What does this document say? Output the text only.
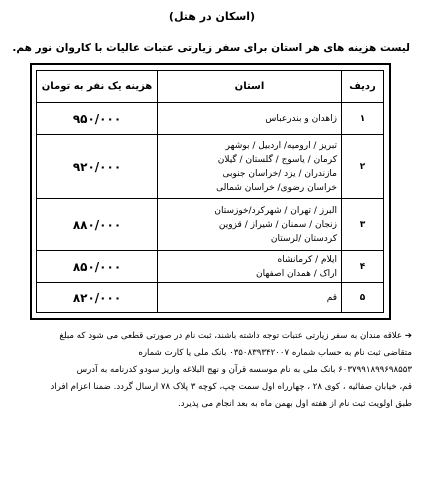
(اسکان در هتل)
لیست هزینه های هر استان برای سفر زیارتی عتبات عالیات با کاروان نور هم.
ردیف	استان	هزینه یک نفر به تومان
۱	زاهدان و بندرعباس	۹۵۰/۰۰۰
۲	تبریز / ارومیه/ اردبیل / بوشهر
کرمان / یاسوج / گلستان / گیلان
مازندران / یزد /خراسان جنوبی
خراسان رضوی/ خراسان شمالی	۹۲۰/۰۰۰
۳	البرز / تهران / شهرکرد/خوزستان
زنجان / سمنان / شیراز / قزوین
کردستان /لرستان	۸۸۰/۰۰۰
۴	ایلام / کرمانشاه
اراک / همدان اصفهان	۸۵۰/۰۰۰
۵	قم	۸۲۰/۰۰۰
➔ علاقه مندان به سفر زیارتی عتبات توجه داشته باشند، ثبت نام در صورتی قطعی می شود که مبلغ
متقاضی ثبت نام به حساب شماره ۰۳۵۰۸۳۹۳۴۲۰۰۷ بانک ملی یا کارت شماره
۶۰۳۷۹۹۱۸۹۹۶۹۸۵۵۳ بانک ملی به نام موسسه قرآن و نهج البلاغه واریز سودو کدرنامه به آدرس
قم، خیابان صفائیه ، کوی ۲۸ ، چهارراه اول سمت چپ، کوچه ۳ پلاک ۷۸ ارسال گردد. ضمنا اعزام افراد
طبق اولویت ثبت نام از هفته اول بهمن ماه به بعد انجام می پذیرد.
